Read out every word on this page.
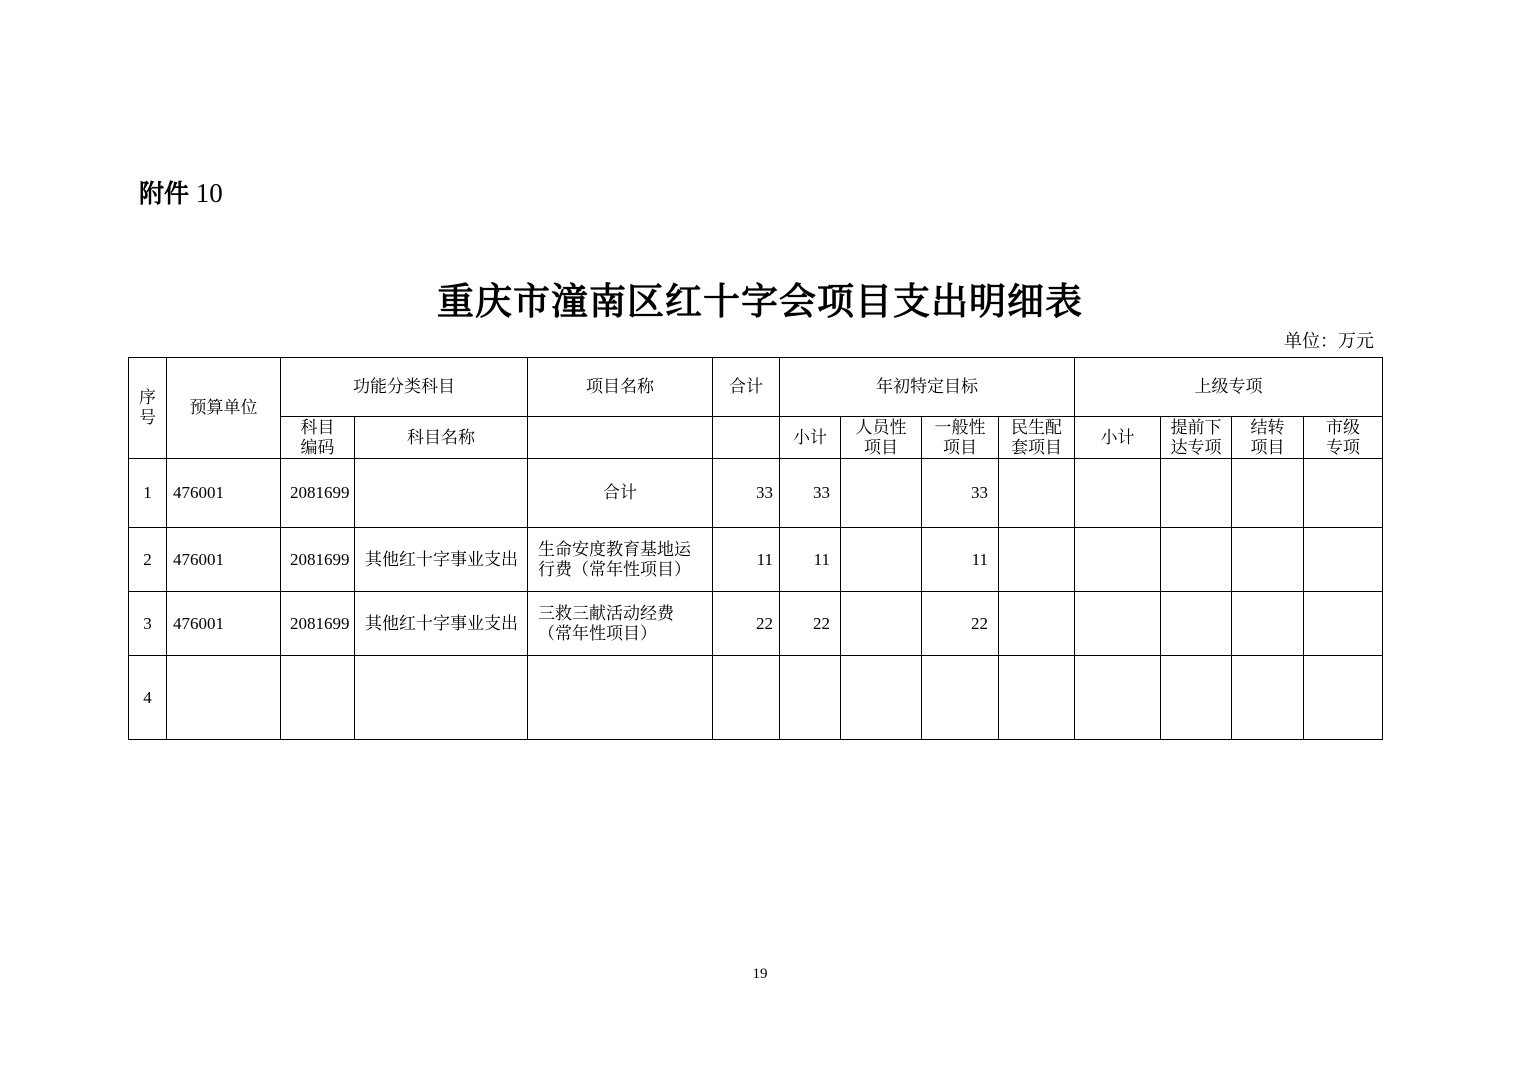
附件 10
重庆市潼南区红十字会项目支出明细表
单位：万元
序号	预算单位	功能分类科目		项目名称	合计	年初特定目标				上级专项			
		科目编码	科目名称			小计	人员性项目	一般性项目	民生配套项目	小计	提前下达专项	结转项目	市级专项
1	476001	2081699		合计	33	33		33					
2	476001	2081699	其他红十字事业支出	生命安度教育基地运行费（常年性项目）	11	11		11					
3	476001	2081699	其他红十字事业支出	三救三献活动经费（常年性项目）	22	22		22					
4													
19
